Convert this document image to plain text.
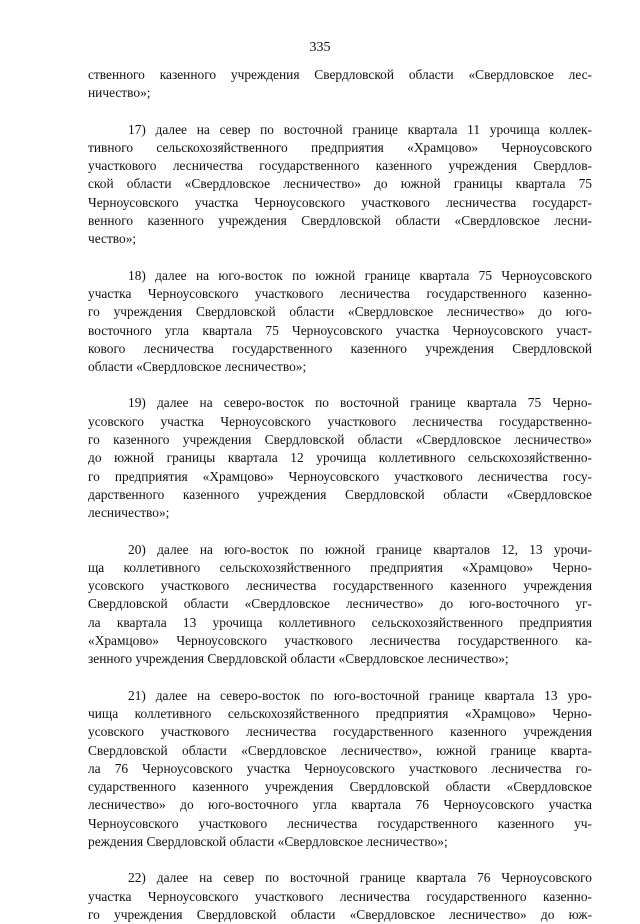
335
ственного казенного учреждения Свердловской области «Свердловское лес-
ничество»;
17) далее на север по восточной границе квартала 11 урочища коллек-
тивного сельскохозяйственного предприятия «Храмцово» Черноусовского
участкового лесничества государственного казенного учреждения Свердлов-
ской области «Свердловское лесничество» до южной границы квартала 75
Черноусовского участка Черноусовского участкового лесничества государст-
венного казенного учреждения Свердловской области «Свердловское лесни-
чество»;
18) далее на юго-восток по южной границе квартала 75 Черноусовского
участка Черноусовского участкового лесничества государственного казенно-
го учреждения Свердловской области «Свердловское лесничество» до юго-
восточного угла квартала 75 Черноусовского участка Черноусовского участ-
кового лесничества государственного казенного учреждения Свердловской
области «Свердловское лесничество»;
19) далее на северо-восток по восточной границе квартала 75 Черно-
усовского участка Черноусовского участкового лесничества государственно-
го казенного учреждения Свердловской области «Свердловское лесничество»
до южной границы квартала 12 урочища коллетивного сельскохозяйственно-
го предприятия «Храмцово» Черноусовского участкового лесничества госу-
дарственного казенного учреждения Свердловской области «Свердловское
лесничество»;
20) далее на юго-восток по южной границе кварталов 12, 13 урочи-
ща коллетивного сельскохозяйственного предприятия «Храмцово» Черно-
усовского участкового лесничества государственного казенного учреждения
Свердловской области «Свердловское лесничество» до юго-восточного уг-
ла квартала 13 урочища коллетивного сельскохозяйственного предприятия
«Храмцово» Черноусовского участкового лесничества государственного ка-
зенного учреждения Свердловской области «Свердловское лесничество»;
21) далее на северо-восток по юго-восточной границе квартала 13 уро-
чища коллетивного сельскохозяйственного предприятия «Храмцово» Черно-
усовского участкового лесничества государственного казенного учреждения
Свердловской области «Свердловское лесничество», южной границе кварта-
ла 76 Черноусовского участка Черноусовского участкового лесничества го-
сударственного казенного учреждения Свердловской области «Свердловское
лесничество» до юго-восточного угла квартала 76 Черноусовского участка
Черноусовского участкового лесничества государственного казенного уч-
реждения Свердловской области «Свердловское лесничество»;
22) далее на север по восточной границе квартала 76 Черноусовского
участка Черноусовского участкового лесничества государственного казенно-
го учреждения Свердловской области «Свердловское лесничество» до юж-
